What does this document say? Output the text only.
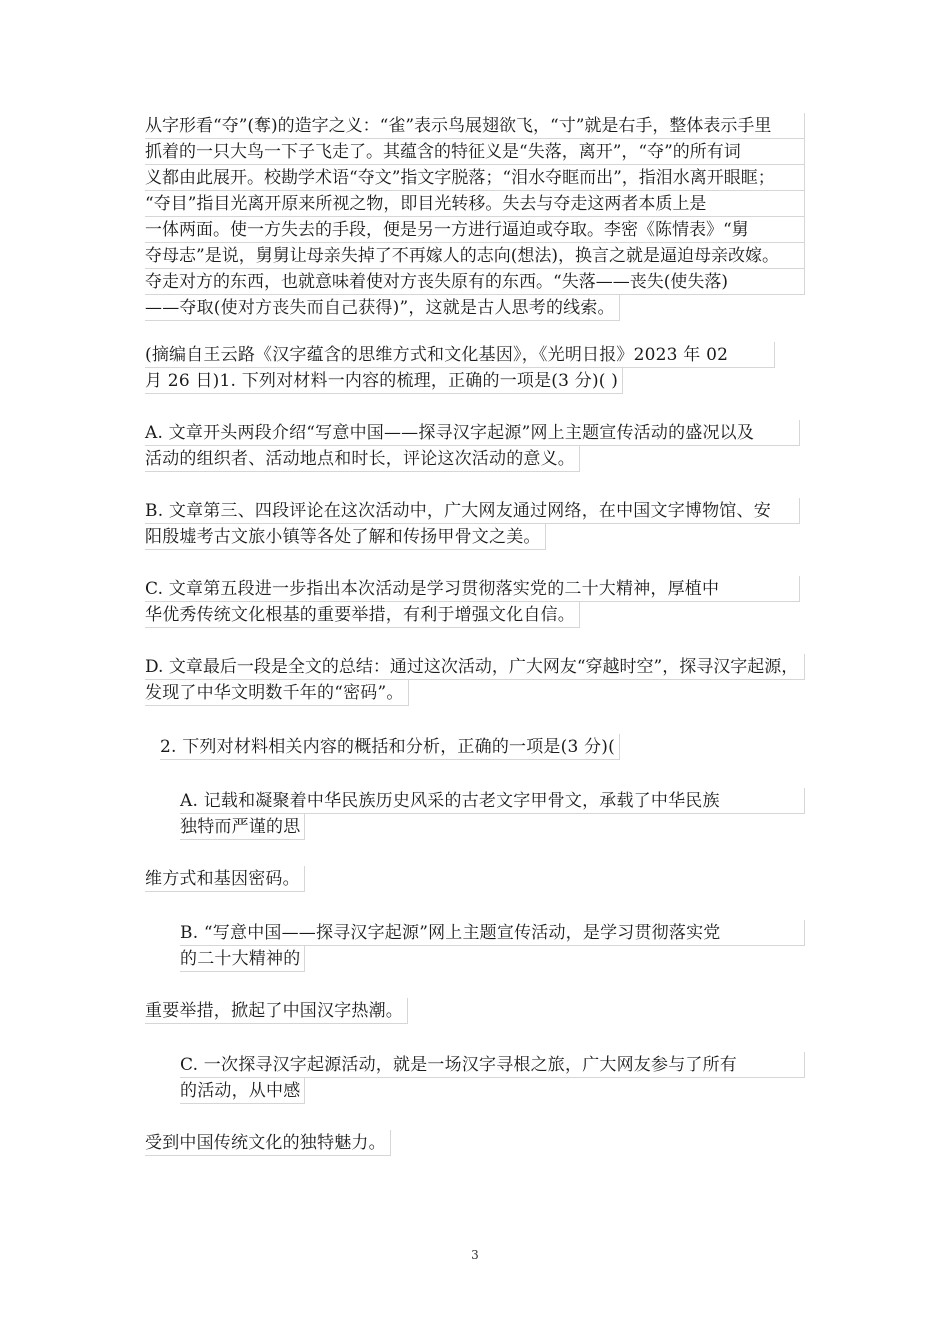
从字形看“夺”(奪)的造字之义：“雀”表示鸟展翅欲飞，“寸”就是右手，整体表示手里
抓着的一只大鸟一下子飞走了。其蕴含的特征义是“失落，离开”，“夺”的所有词
义都由此展开。校勘学术语“夺文”指文字脱落；“泪水夺眶而出”，指泪水离开眼眶；
“夺目”指目光离开原来所视之物，即目光转移。失去与夺走这两者本质上是
一体两面。使一方失去的手段，便是另一方进行逼迫或夺取。李密《陈情表》“舅
夺母志”是说，舅舅让母亲失掉了不再嫁人的志向(想法)，换言之就是逼迫母亲改嫁。
夺走对方的东西，也就意味着使对方丧失原有的东西。“失落——丧失(使失落)
——夺取(使对方丧失而自己获得)”，这就是古人思考的线索。
(摘编自王云路《汉字蕴含的思维方式和文化基因》，《光明日报》2023 年 02
月 26 日)1. 下列对材料一内容的梳理，正确的一项是(3 分)( )
A. 文章开头两段介绍“写意中国——探寻汉字起源”网上主题宣传活动的盛况以及
活动的组织者、活动地点和时长，评论这次活动的意义。
B. 文章第三、四段评论在这次活动中，广大网友通过网络，在中国文字博物馆、安
阳殷墟考古文旅小镇等各处了解和传扬甲骨文之美。
C. 文章第五段进一步指出本次活动是学习贯彻落实党的二十大精神，厚植中
华优秀传统文化根基的重要举措，有利于增强文化自信。
D. 文章最后一段是全文的总结：通过这次活动，广大网友“穿越时空”，探寻汉字起源，
发现了中华文明数千年的“密码”。
2. 下列对材料相关内容的概括和分析，正确的一项是(3 分)(
A. 记载和凝聚着中华民族历史风采的古老文字甲骨文，承载了中华民族
独特而严谨的思
维方式和基因密码。
B. “写意中国——探寻汉字起源”网上主题宣传活动，是学习贯彻落实党
的二十大精神的
重要举措，掀起了中国汉字热潮。
C. 一次探寻汉字起源活动，就是一场汉字寻根之旅，广大网友参与了所有
的活动，从中感
受到中国传统文化的独特魅力。
3
